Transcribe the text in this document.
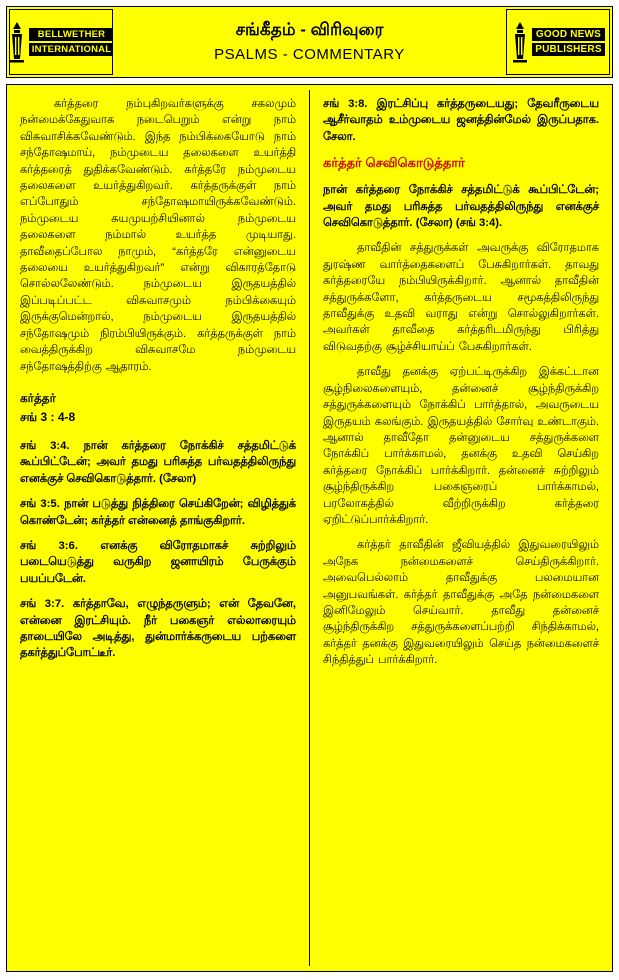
BELLWETHER
INTERNATIONAL
சங்கீதம் - விரிவுரை
PSALMS - COMMENTARY
GOOD NEWS
PUBLISHERS

கர்த்தரை நம்புகிறவர்களுக்கு சகலமும் நன்மைக்கேதுவாக நடைபெறும் என்று நாம் விசுவாசிக்கவேண்டும். இந்த நம்பிக்கையோடு நாம் சந்தோஷமாய், நம்முடைய தலைகளை உயர்த்தி கர்த்தரைத் துதிக்கவேண்டும். கர்த்தரே நம்முடைய தலைகளை உயர்த்துகிறவர். கர்த்தருக்குள் நாம் எப்போதும் சந்தோஷமாயிருக்கவேண்டும். நம்முடைய சுயமுயற்சியினால் நம்முடைய தலைகளை நம்மால் உயர்த்த முடியாது. தாவீதைப்போல நாமும், “கர்த்தரே என்னுடைய தலையை உயர்த்துகிறவர்” என்று விகாரத்தோடு சொல்லலேண்டும். நம்முடைய இருதயத்தில் இப்படிப்பட்ட விசுவாசமும் நம்பிக்கையும் இருக்குமென்றால், நம்முடைய இருதயத்தில் சந்தோஷமும் நிரம்பியிருக்கும். கர்த்தருக்குள் நாம் வைத்திருக்கிற விசுவாசமே நம்முடைய சந்தோஷத்திற்கு ஆதாரம்.

கர்த்தர்

சங் 3 : 4-8

சங் 3:4. நான் கர்த்தரை நோக்கிச் சத்தமிட்டுக் கூப்பிட்டேன்; அவர் தமது பரிசுத்த பர்வதத்திலிருந்து எனக்குச் செவிகொடுத்தார். (சேலா)

சங் 3:5. நான் படுத்து நித்திரை செய்கிறேன்; விழித்துக் கொண்டேன்; கர்த்தர் என்னைத் தாங்குகிறார்.

சங் 3:6. எனக்கு விரோதமாகச் சுற்றிலும் படையெடுத்து வருகிற ஜனாயிரம் பேருக்கும் பயப்படேன்.

சங் 3:7. கர்த்தாவே, எழுந்தருளும்; என் தேவனே, என்னை இரட்சியும். நீர் பகைஞர் எல்லாரையும் தாடையிலே அடித்து, துன்மார்க்கருடைய பற்களை தகர்த்துப்போட்டீர்.

சங் 3:8. இரட்சிப்பு கர்த்தருடையது; தேவரீருடைய ஆசீர்வாதம் உம்முடைய ஜனத்தின்மேல் இருப்பதாக. சேலா.

கர்த்தர் செவிகொடுத்தார்

நான் கர்த்தரை நோக்கிச் சத்தமிட்டுக் கூப்பிட்டேன்; அவர் தமது பரிசுத்த பர்வதத்திலிருந்து எனக்குச் செவிகொடுத்தார். (சேலா) (சங் 3:4).

தாவீதின் சத்துருக்கள் அவருக்கு விரோதமாக துரஷ்ண வார்த்தைகளைப் பேசுகிறார்கள். தாவது கர்த்தரையே நம்பியிருக்கிறார். ஆனால் தாவீதின் சத்துருக்களோ, கர்த்தருடைய சமூகத்திலிருந்து தாவீதுக்கு உதவி வராது என்று சொல்லுகிறார்கள். அவர்கள் தாவீதை கர்த்தரிடமிருந்து பிரித்து விடுவதற்கு சூழ்ச்சியாய்ப் பேசுகிறார்கள்.

தாவீது தனக்கு ஏற்பட்டிருக்கிற இக்கட்டான சூழ்நிலைகளையும், தன்னைச் சூழ்ந்திருக்கிற சத்துருக்களையும் நோக்கிப் பார்த்தால், அவருடைய இருதயம் கலங்கும். இருதயத்தில் சோர்வு உண்டாகும். ஆனால் தாவீதோ தன்னுடைய சத்துருக்களை நோக்கிப் பார்க்காமல், தனக்கு உதவி செய்கிற கர்த்தரை நோக்கிப் பார்க்கிறார். தன்னைச் சுற்றிலும் சூழ்ந்திருக்கிற பகைஞரைப் பார்க்காமல், பரலோகத்தில் வீற்றிருக்கிற கர்த்தரை ஏறிட்டுப்பார்க்கிறார்.

கர்த்தர் தாவீதின் ஜீவியத்தில் இதுவரையிலும் அநேக நன்மைகளைச் செய்திருக்கிறார். அவைபெல்லாம் தாவீதுக்கு பலமையான அனுபவங்கள். கர்த்தர் தாவீதுக்கு அதே நன்மைகளை இனிமேலும் செய்வார். தாவீது தன்னைச் சூழ்ந்திருக்கிற சத்துருக்களைப்பற்றி சிந்திக்காமல், கர்த்தர் தனக்கு இதுவரையிலும் செய்த நன்மைகளைச் சிந்தித்துப் பார்க்கிறார்.
